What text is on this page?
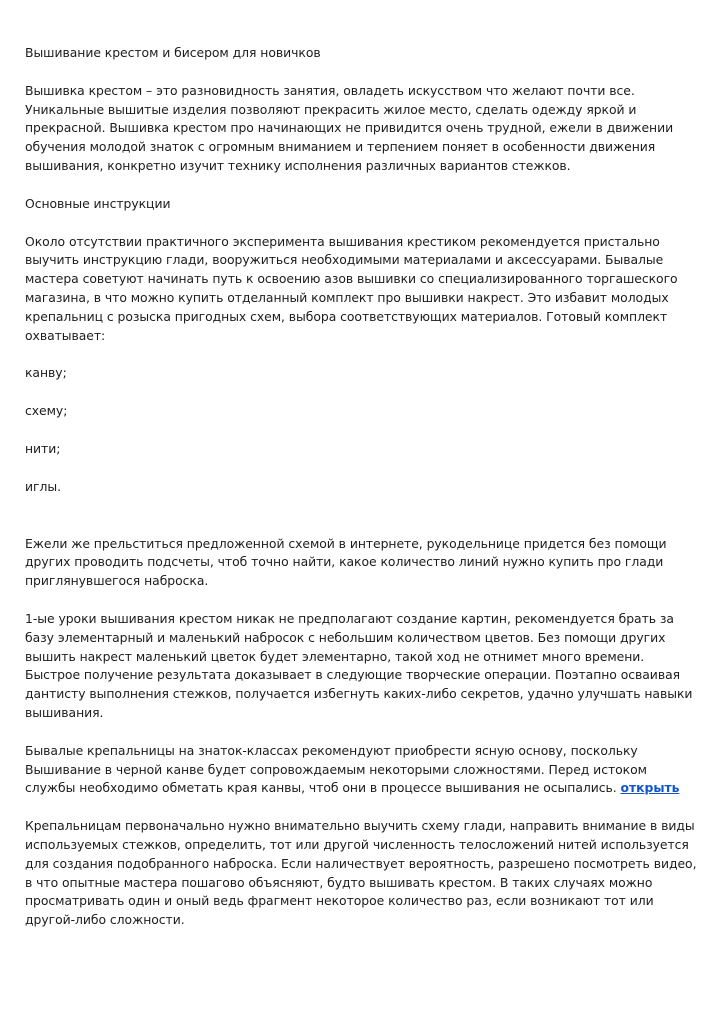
Вышивание крестом и бисером для новичков

Вышивка крестом – это разновидность занятия, овладеть искусством что желают почти все. Уникальные вышитые изделия позволяют прекрасить жилое место, сделать одежду яркой и прекрасной. Вышивка крестом про начинающих не привидится очень трудной, ежели в движении обучения молодой знаток с огромным вниманием и терпением поняет в особенности движения вышивания, конкретно изучит технику исполнения различных вариантов стежков.

Основные инструкции

Около отсутствии практичного эксперимента вышивания крестиком рекомендуется пристально выучить инструкцию глади, вооружиться необходимыми материалами и аксессуарами. Бывалые мастера советуют начинать путь к освоению азов вышивки со специализированного торгашеского магазина, в что можно купить отделанный комплект про вышивки накрест. Это избавит молодых крепальниц с розыска пригодных схем, выбора соответствующих материалов. Готовый комплект охватывает:

канву;

схему;

нити;

иглы.

Ежели же прельститься предложенной схемой в интернете, рукодельнице придется без помощи других проводить подсчеты, чтоб точно найти, какое количество линий нужно купить про глади приглянувшегося наброска.

1-ые уроки вышивания крестом никак не предполагают создание картин, рекомендуется брать за базу элементарный и маленький набросок с небольшим количеством цветов. Без помощи других вышить накрест маленький цветок будет элементарно, такой ход не отнимет много времени. Быстрое получение результата доказывает в следующие творческие операции. Поэтапно осваивая дантисту выполнения стежков, получается избегнуть каких-либо секретов, удачно улучшать навыки вышивания.

Бывалые крепальницы на знаток-классах рекомендуют приобрести ясную основу, поскольку Вышивание в черной канве будет сопровождаемым некоторыми сложностями. Перед истоком службы необходимо обметать края канвы, чтоб они в процессе вышивания не осыпались. открыть

Крепальницам первоначально нужно внимательно выучить схему глади, направить внимание в виды используемых стежков, определить, тот или другой численность телосложений нитей используется для создания подобранного наброска. Если наличествует вероятность, разрешено посмотреть видео, в что опытные мастера пошагово объясняют, будто вышивать крестом. В таких случаях можно просматривать один и оный ведь фрагмент некоторое количество раз, если возникают тот или другой-либо сложности.
